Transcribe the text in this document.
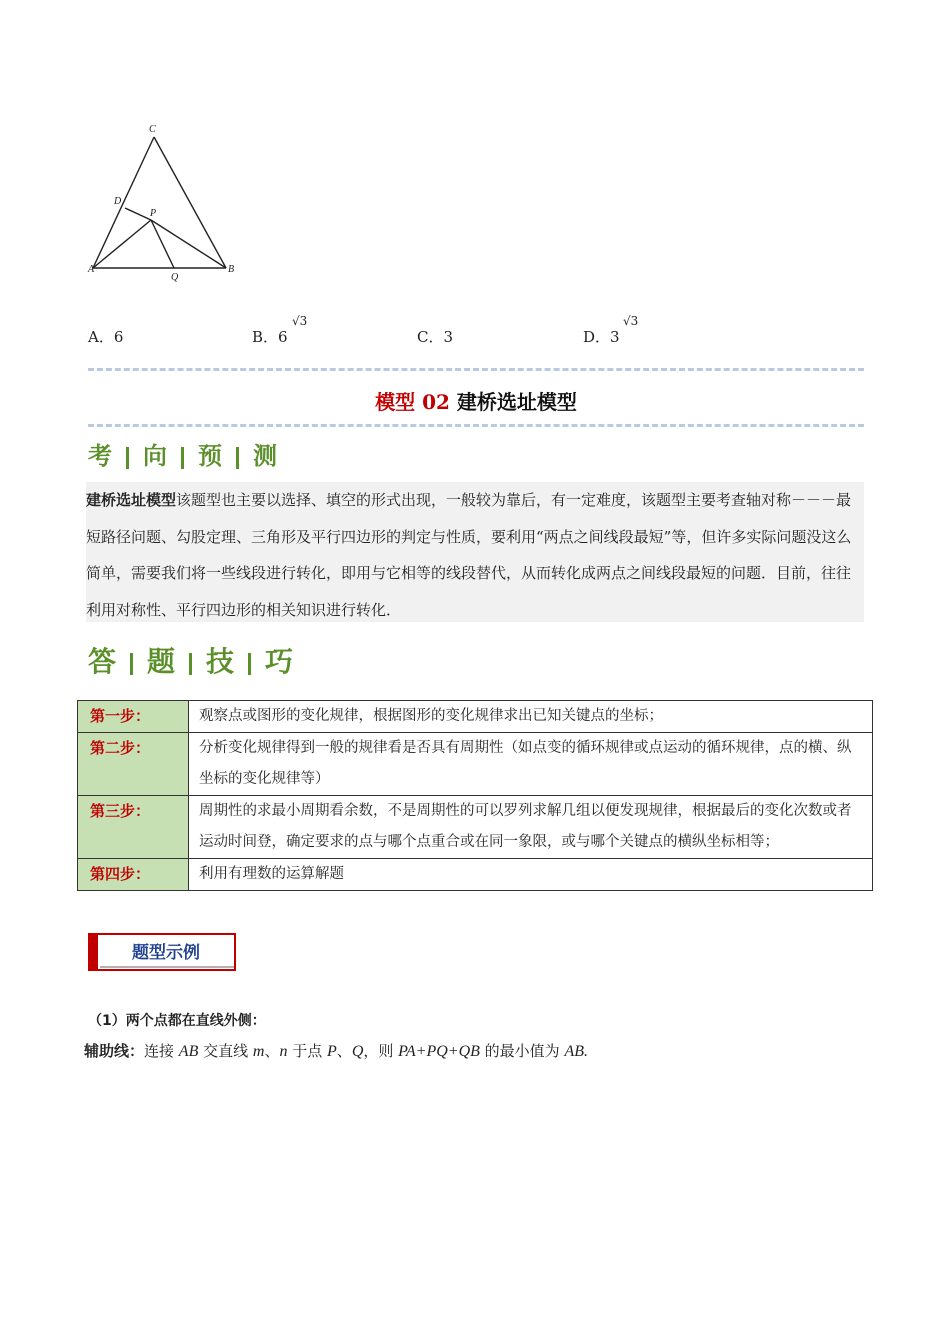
C
D
P
A
Q
B
A．6	B．6
√3
C．3	D．3
√3
模型 02 建桥选址模型
考 向 预 测
建桥选址模型该题型也主要以选择、填空的形式出现，一般较为靠后，有一定难度，该题型主要考查轴对称－－－最短路径问题、勾股定理、三角形及平行四边形的判定与性质，要利用“两点之间线段最短”等，但许多实际问题没这么简单，需要我们将一些线段进行转化，即用与它相等的线段替代，从而转化成两点之间线段最短的问题．目前，往往利用对称性、平行四边形的相关知识进行转化．
答 题 技 巧
第一步：	观察点或图形的变化规律，根据图形的变化规律求出已知关键点的坐标；
第二步：	分析变化规律得到一般的规律看是否具有周期性（如点变的循环规律或点运动的循环规律，点的横、纵坐标的变化规律等）
第三步：	周期性的求最小周期看余数，不是周期性的可以罗列求解几组以便发现规律，根据最后的变化次数或者运动时间登，确定要求的点与哪个点重合或在同一象限，或与哪个关键点的横纵坐标相等；
第四步：	利用有理数的运算解题
题型示例
（1）两个点都在直线外侧：
辅助线：连接 AB 交直线 m、n 于点 P、Q，则 PA+PQ+QB 的最小值为 AB.
